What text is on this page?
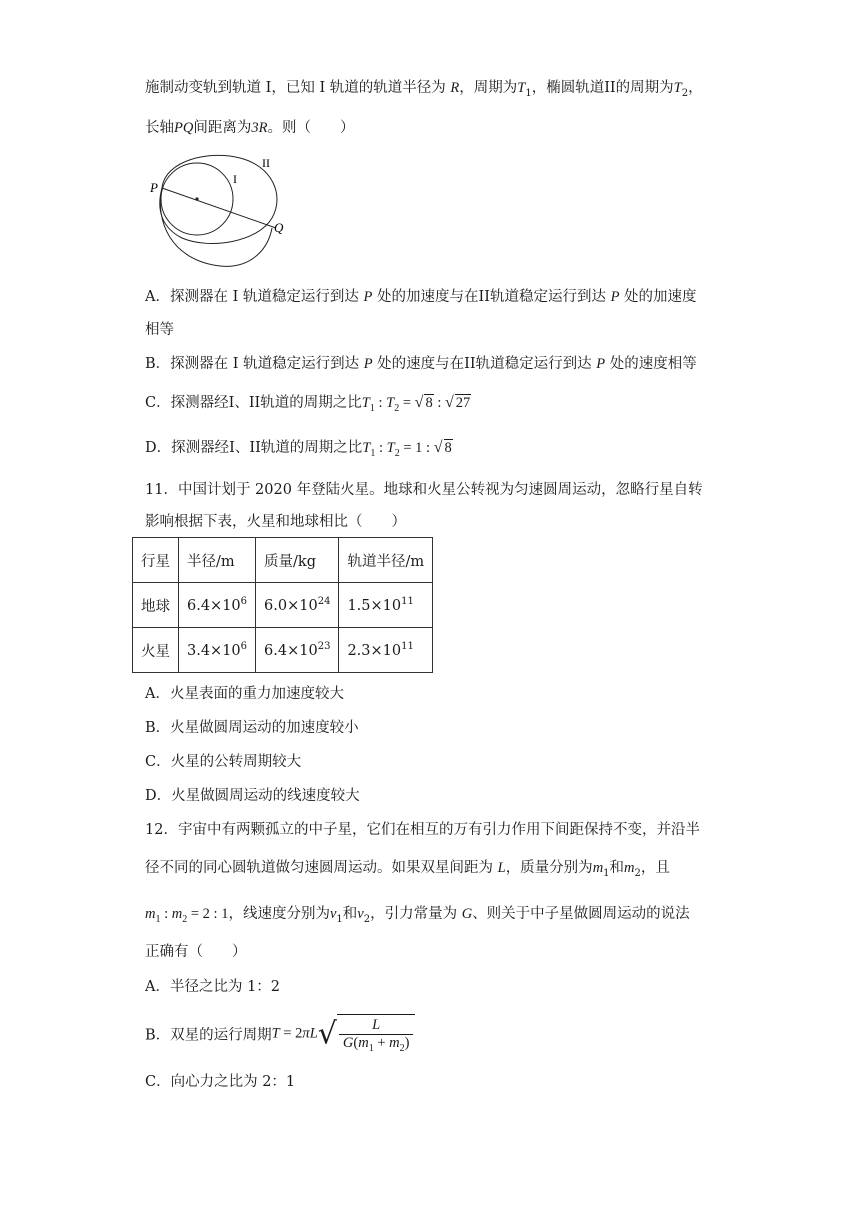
施制动变轨到轨道 I，已知 I 轨道的轨道半径为 R，周期为$T_1$，椭圆轨道II的周期为$T_2$，
长轴PQ间距离为3R。则（　　）
P
Q
I
II
A．探测器在 I 轨道稳定运行到达 P 处的加速度与在II轨道稳定运行到达 P 处的加速度
相等
B．探测器在 I 轨道稳定运行到达 P 处的速度与在II轨道稳定运行到达 P 处的速度相等
C．探测器经I、II轨道的周期之比$T_1$ : $T_2$ = √ 8 : √ 27
D．探测器经I、II轨道的周期之比$T_1$ : $T_2 = 1$ : √ 8
11．中国计划于 2020 年登陆火星。地球和火星公转视为匀速圆周运动，忽略行星自转
影响根据下表，火星和地球相比（　　）
行星	半径/m	质量/kg	轨道半径/m
地球	$6.4\times 10^6$	$6.0\times 10^{24}$	$1.5\times 10^{11}$
火星	$3.4\times 10^6$	$6.4\times 10^{23}$	$2.3\times 10^{11}$
A．火星表面的重力加速度较大
B．火星做圆周运动的加速度较小
C．火星的公转周期较大
D．火星做圆周运动的线速度较大
12．宇宙中有两颗孤立的中子星，它们在相互的万有引力作用下间距保持不变，并沿半
径不同的同心圆轨道做匀速圆周运动。如果双星间距为 L，质量分别为$m_1$和$m_2$，且
$m_1$ : $m_2 = 2$ : 1，线速度分别为$v_1$和$v_2$，引力常量为 G、则关于中子星做圆周运动的说法
正确有（　　）
A．半径之比为 1：2
B．双星的运行周期$T = 2\pi L√ \frac{L}{G(m_1 + m_2)}$
C．向心力之比为 2：1
